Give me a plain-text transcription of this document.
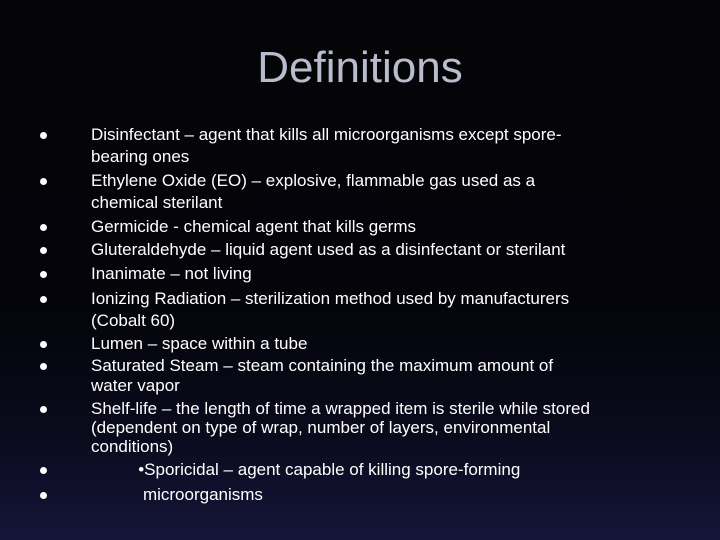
Definitions
Disinfectant – agent that kills all microorganisms except spore-
bearing ones
Ethylene Oxide (EO) – explosive, flammable gas used as a
chemical sterilant
Germicide - chemical agent that kills germs
Gluteraldehyde – liquid agent used as a disinfectant or sterilant
Inanimate – not living
Ionizing Radiation – sterilization method used by manufacturers
(Cobalt 60)
Lumen – space within a tube
Saturated Steam – steam containing the maximum amount of
water vapor
Shelf-life – the length of time a wrapped item is sterile while stored
(dependent on type of wrap, number of layers, environmental
conditions)
•Sporicidal – agent capable of killing spore-forming
microorganisms
